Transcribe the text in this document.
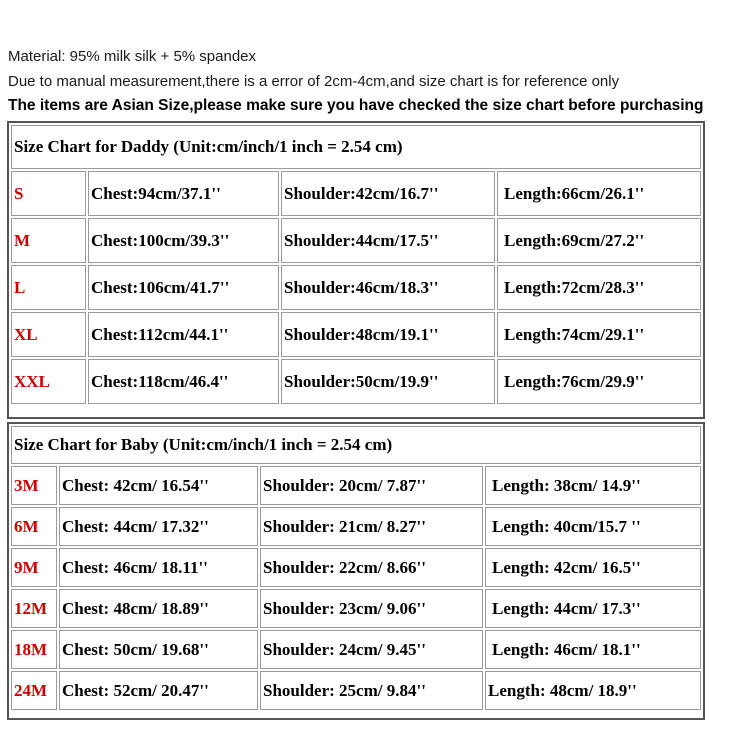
Material: 95% milk silk + 5% spandex
Due to manual measurement,there is a error of 2cm-4cm,and size chart is for reference only
The items are Asian Size,please make sure you have checked the size chart before purchasing
Size Chart for Daddy (Unit:cm/inch/1 inch = 2.54 cm)			
S	Chest:94cm/37.1''	Shoulder:42cm/16.7''	Length:66cm/26.1''
M	Chest:100cm/39.3''	Shoulder:44cm/17.5''	Length:69cm/27.2''
L	Chest:106cm/41.7''	Shoulder:46cm/18.3''	Length:72cm/28.3''
XL	Chest:112cm/44.1''	Shoulder:48cm/19.1''	Length:74cm/29.1''
XXL	Chest:118cm/46.4''	Shoulder:50cm/19.9''	Length:76cm/29.9''
Size Chart for Baby (Unit:cm/inch/1 inch = 2.54 cm)			
3M	Chest: 42cm/ 16.54''	Shoulder: 20cm/ 7.87''	Length: 38cm/ 14.9''
6M	Chest: 44cm/ 17.32''	Shoulder: 21cm/ 8.27''	Length: 40cm/15.7 ''
9M	Chest: 46cm/ 18.11''	Shoulder: 22cm/ 8.66''	Length: 42cm/ 16.5''
12M	Chest: 48cm/ 18.89''	Shoulder: 23cm/ 9.06''	Length: 44cm/ 17.3''
18M	Chest: 50cm/ 19.68''	Shoulder: 24cm/ 9.45''	Length: 46cm/ 18.1''
24M	Chest: 52cm/ 20.47''	Shoulder: 25cm/ 9.84''	Length: 48cm/ 18.9''
